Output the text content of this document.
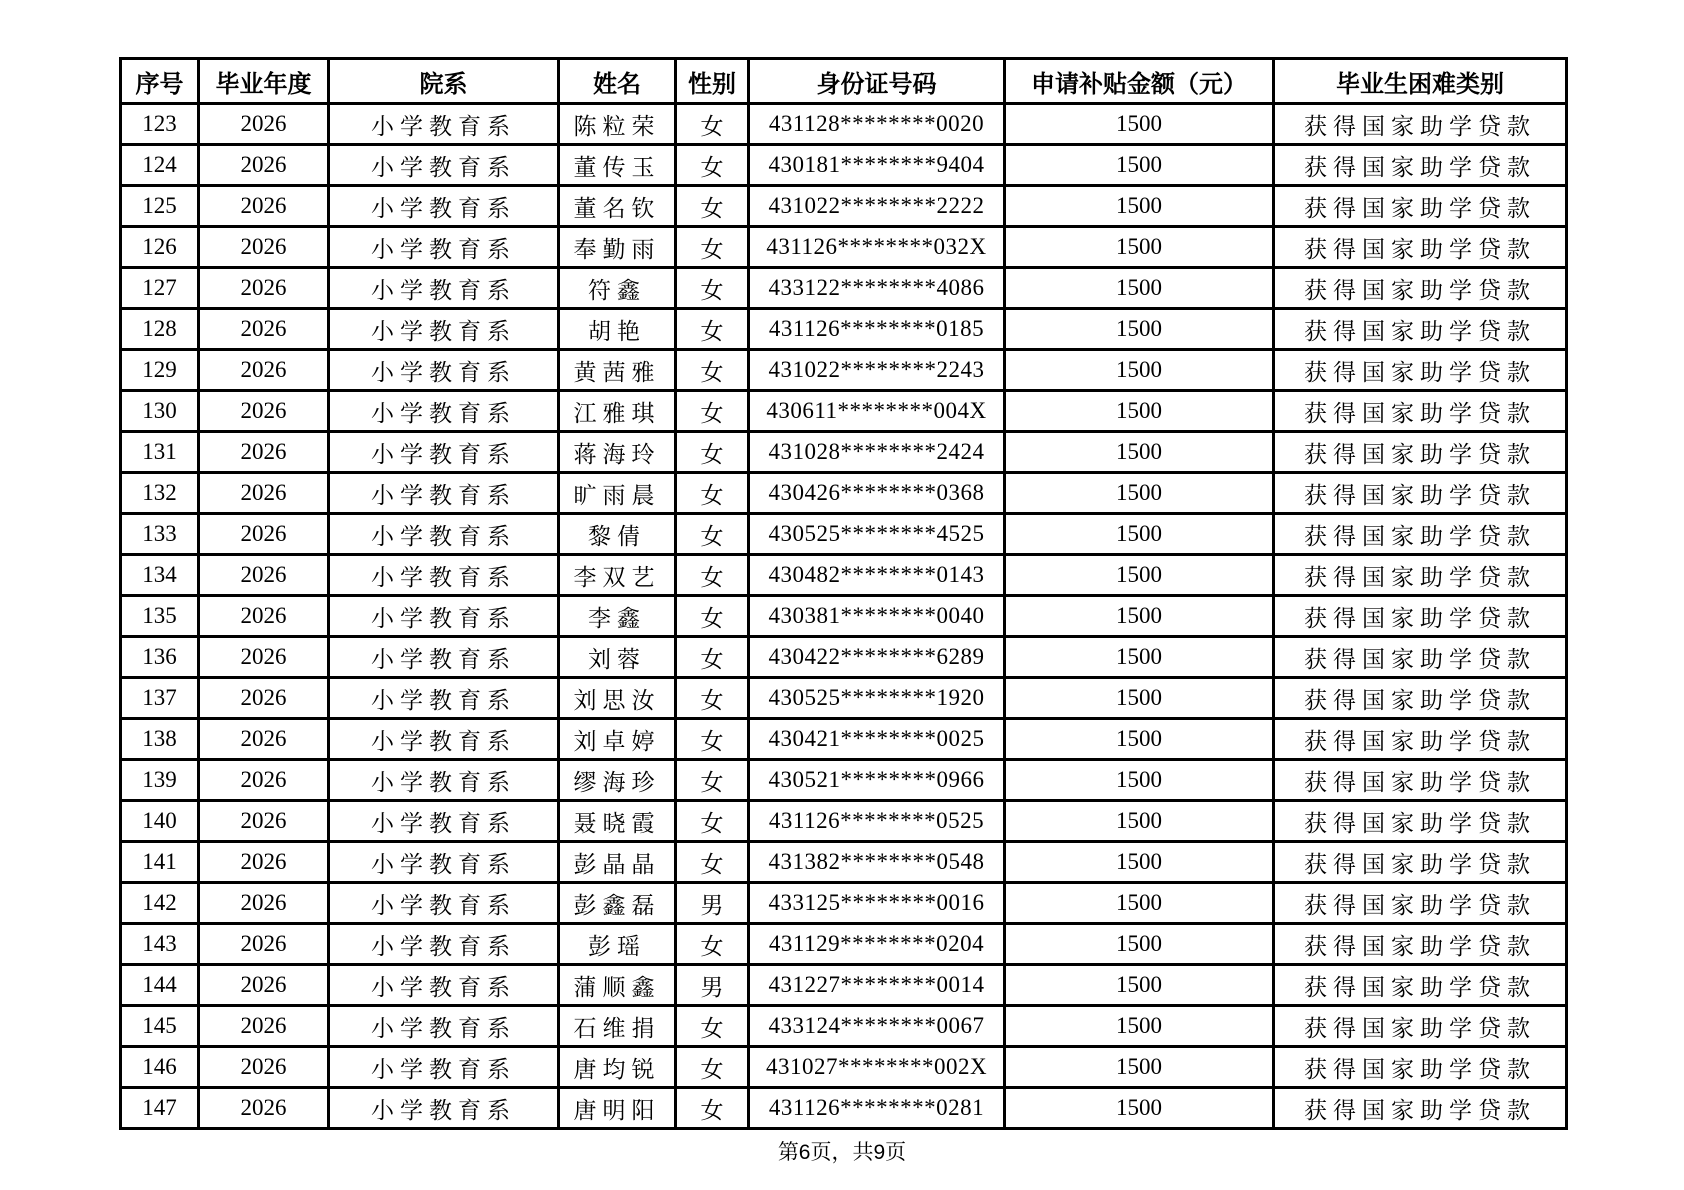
序号	毕业年度	院系	姓名	性别	身份证号码	申请补贴金额（元）	毕业生困难类别
123	2026	小学教育系	陈粒荣	女	431128********0020	1500	获得国家助学贷款
124	2026	小学教育系	董传玉	女	430181********9404	1500	获得国家助学贷款
125	2026	小学教育系	董名钦	女	431022********2222	1500	获得国家助学贷款
126	2026	小学教育系	奉勤雨	女	431126********032X	1500	获得国家助学贷款
127	2026	小学教育系	符鑫	女	433122********4086	1500	获得国家助学贷款
128	2026	小学教育系	胡艳	女	431126********0185	1500	获得国家助学贷款
129	2026	小学教育系	黄茜雅	女	431022********2243	1500	获得国家助学贷款
130	2026	小学教育系	江雅琪	女	430611********004X	1500	获得国家助学贷款
131	2026	小学教育系	蒋海玲	女	431028********2424	1500	获得国家助学贷款
132	2026	小学教育系	旷雨晨	女	430426********0368	1500	获得国家助学贷款
133	2026	小学教育系	黎倩	女	430525********4525	1500	获得国家助学贷款
134	2026	小学教育系	李双艺	女	430482********0143	1500	获得国家助学贷款
135	2026	小学教育系	李鑫	女	430381********0040	1500	获得国家助学贷款
136	2026	小学教育系	刘蓉	女	430422********6289	1500	获得国家助学贷款
137	2026	小学教育系	刘思汝	女	430525********1920	1500	获得国家助学贷款
138	2026	小学教育系	刘卓婷	女	430421********0025	1500	获得国家助学贷款
139	2026	小学教育系	缪海珍	女	430521********0966	1500	获得国家助学贷款
140	2026	小学教育系	聂晓霞	女	431126********0525	1500	获得国家助学贷款
141	2026	小学教育系	彭晶晶	女	431382********0548	1500	获得国家助学贷款
142	2026	小学教育系	彭鑫磊	男	433125********0016	1500	获得国家助学贷款
143	2026	小学教育系	彭瑶	女	431129********0204	1500	获得国家助学贷款
144	2026	小学教育系	蒲顺鑫	男	431227********0014	1500	获得国家助学贷款
145	2026	小学教育系	石维捐	女	433124********0067	1500	获得国家助学贷款
146	2026	小学教育系	唐均锐	女	431027********002X	1500	获得国家助学贷款
147	2026	小学教育系	唐明阳	女	431126********0281	1500	获得国家助学贷款
第6页，共9页
